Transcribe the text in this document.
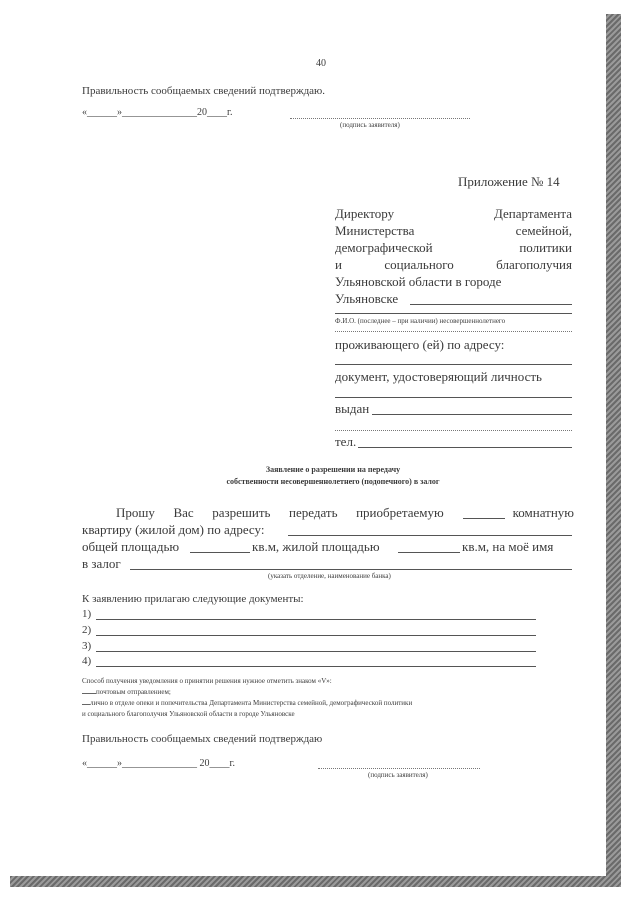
40
Правильность сообщаемых сведений подтверждаю.
«______»_______________20____г.
(подпись заявителя)
Приложение № 14
Директору	Департамента
Министерства	семейной,
демографической	политики
и	социального	благополучия
Ульяновской области в городе
Ульяновске
Ф.И.О. (последнее – при наличии) несовершеннолетнего
проживающего (ей) по адресу:
документ, удостоверяющий личность
выдан
тел.
Заявление о разрешении на передачу
собственности несовершеннолетнего (подопечного) в залог
Прошу Вас разрешить передать приобретаемую	комнатную
квартиру (жилой дом) по адресу:
общей площадью	кв.м, жилой площадью	кв.м, на моё имя
в залог
(указать отделение, наименование банка)
К заявлению прилагаю следующие документы:
1)
2)
3)
4)
Способ получения уведомления о принятии решения нужное отметить знаком «V»:
почтовым отправлением;
лично в отделе опеки и попечительства Департамента Министерства семейной, демографической политики
и социального благополучия Ульяновской области в городе Ульяновске
Правильность сообщаемых сведений подтверждаю
«______»_______________ 20____г.
(подпись заявителя)
